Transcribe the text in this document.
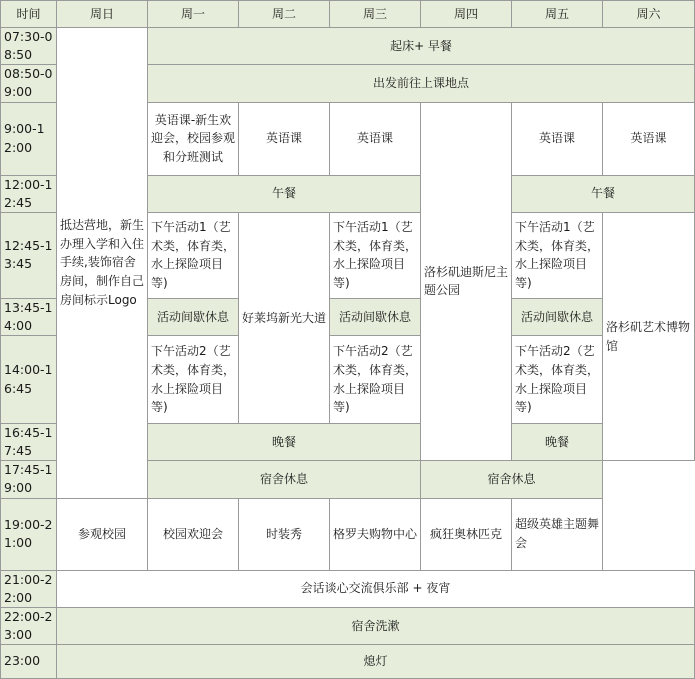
时间	周日	周一	周二	周三	周四	周五	周六
07:30-08:50	抵达营地，新生办理入学和入住手续,装饰宿舍房间，制作自己房间标示Logo	起床+ 早餐					
08:50-09:00		出发前往上课地点					
9:00-12:00		英语课-新生欢迎会，校园参观和分班测试	英语课	英语课	洛杉矶迪斯尼主题公园	英语课	英语课
12:00-12:45		午餐				午餐	
12:45-13:45		下午活动1（艺术类，体育类，水上探险项目等)	好莱坞新光大道	下午活动1（艺术类，体育类，水上探险项目等)		下午活动1（艺术类，体育类，水上探险项目等)	洛杉矶艺术博物馆
13:45-14:00		活动间歇休息		活动间歇休息		活动间歇休息	
14:00-16:45		下午活动2（艺术类，体育类，水上探险项目等)		下午活动2（艺术类，体育类，水上探险项目等)		下午活动2（艺术类，体育类，水上探险项目等)	
16:45-17:45		晚餐				晚餐	
17:45-19:00		宿舍休息			宿舍休息		
19:00-21:00	参观校园	校园欢迎会	时装秀	格罗夫购物中心	疯狂奥林匹克	超级英雄主题舞会	
21:00-22:00	会话谈心交流俱乐部 + 夜宵						
22:00-23:00	宿舍洗漱						
23:00	熄灯						
